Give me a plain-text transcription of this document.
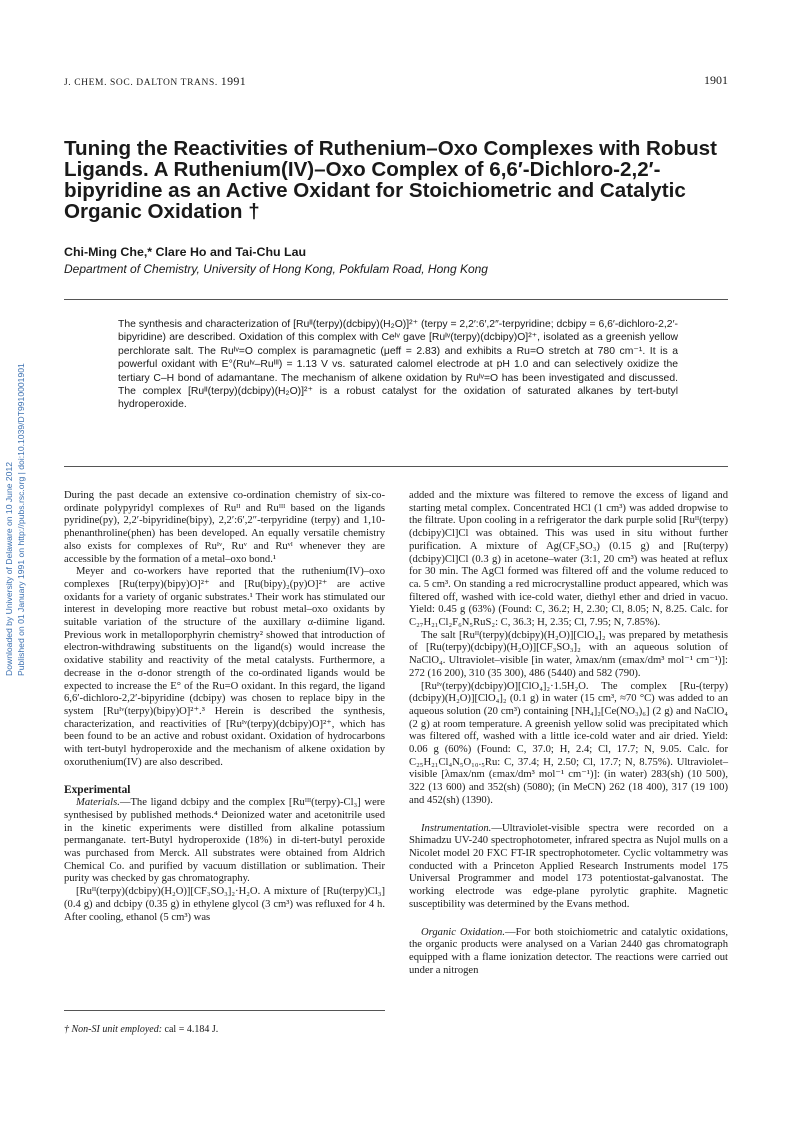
J. CHEM. SOC. DALTON TRANS. 1991	1901
Downloaded by University of Delaware on 10 June 2012 Published on 01 January 1991 on http://pubs.rsc.org | doi:10.1039/DT9910001901
Tuning the Reactivities of Ruthenium–Oxo Complexes with Robust Ligands. A Ruthenium(IV)–Oxo Complex of 6,6′-Dichloro-2,2′-bipyridine as an Active Oxidant for Stoichiometric and Catalytic Organic Oxidation †

Chi-Ming Che,* Clare Ho and Tai-Chu Lau

Department of Chemistry, University of Hong Kong, Pokfulam Road, Hong Kong

The synthesis and characterization of [Ruᴵᴵ(terpy)(dcbipy)(H₂O)]²⁺ (terpy = 2,2′:6′,2″-terpyridine; dcbipy = 6,6′-dichloro-2,2′-bipyridine) are described. Oxidation of this complex with Ceᴵᵛ gave [Ruᴵᵛ(terpy)(dcbipy)O]²⁺, isolated as a greenish yellow perchlorate salt. The Ruᴵᵛ=O complex is paramagnetic (μeff = 2.83) and exhibits a Ru=O stretch at 780 cm⁻¹. It is a powerful oxidant with E°(Ruᴵᵛ–Ruᴵᴵᴵ) = 1.13 V vs. saturated calomel electrode at pH 1.0 and can selectively oxidize the tertiary C–H bond of adamantane. The mechanism of alkene oxidation by Ruᴵᵛ=O has been investigated and discussed. The complex [Ruᴵᴵ(terpy)(dcbipy)(H₂O)]²⁺ is a robust catalyst for the oxidation of saturated alkanes by tert-butyl hydroperoxide.

During the past decade an extensive co-ordination chemistry of six-co-ordinate polypyridyl complexes of Ruᴵᴵ and Ruᴵᴵᴵ based on the ligands pyridine(py), 2,2′-bipyridine(bipy), 2,2′:6′,2″-terpyridine (terpy) and 1,10-phenanthroline(phen) has been developed. An equally versatile chemistry also exists for complexes of Ruᴵᵛ, Ruᵛ and Ruᵛᴵ whenever they are accessible by the formation of a metal–oxo bond.¹

Meyer and co-workers have reported that the ruthenium(IV)–oxo complexes [Ru(terpy)(bipy)O]²⁺ and [Ru(bipy)₂(py)O]²⁺ are active oxidants for a variety of organic substrates.¹ Their work has stimulated our interest in developing more reactive but robust metal–oxo oxidants by suitable variation of the structure of the auxillary α-diimine ligand. Previous work in metalloporphyrin chemistry² showed that introduction of electron-withdrawing substituents on the ligand(s) would increase the oxidative stability and reactivity of the metal catalysts. Furthermore, a decrease in the σ-donor strength of the co-ordinated ligands would be expected to increase the E° of the Ru=O oxidant. In this regard, the ligand 6,6′-dichloro-2,2′-bipyridine (dcbipy) was chosen to replace bipy in the system [Ruᴵᵛ(terpy)(bipy)O]²⁺.³ Herein is described the synthesis, characterization, and reactivities of [Ruᴵᵛ(terpy)(dcbipy)O]²⁺, which has been found to be an active and robust oxidant. Oxidation of hydrocarbons with tert-butyl hydroperoxide and the mechanism of alkene oxidation by oxoruthenium(IV) are also described.

Experimental

Materials.—The ligand dcbipy and the complex [Ruᴵᴵᴵ(terpy)-Cl₃] were synthesised by published methods.⁴ Deionized water and acetonitrile used in the kinetic experiments were distilled from alkaline potassium permanganate. tert-Butyl hydroperoxide (18%) in di-tert-butyl peroxide was purchased from Merck. All substrates were obtained from Aldrich Chemical Co. and purified by vacuum distillation or sublimation. Their purity was checked by gas chromatography.

[Ruᴵᴵ(terpy)(dcbipy)(H₂O)][CF₃SO₃]₂·H₂O. A mixture of [Ru(terpy)Cl₃] (0.4 g) and dcbipy (0.35 g) in ethylene glycol (3 cm³) was refluxed for 4 h. After cooling, ethanol (5 cm³) was

† Non-SI unit employed: cal = 4.184 J.

added and the mixture was filtered to remove the excess of ligand and starting metal complex. Concentrated HCl (1 cm³) was added dropwise to the filtrate. Upon cooling in a refrigerator the dark purple solid [Ruᴵᴵ(terpy)(dcbipy)Cl]Cl was obtained. This was used in situ without further purification. A mixture of Ag(CF₃SO₃) (0.15 g) and [Ru(terpy)(dcbipy)Cl]Cl (0.3 g) in acetone–water (3:1, 20 cm³) was heated at reflux for 30 min. The AgCl formed was filtered off and the volume reduced to ca. 5 cm³. On standing a red microcrystalline product appeared, which was filtered off, washed with ice-cold water, diethyl ether and dried in vacuo. Yield: 0.45 g (63%) (Found: C, 36.2; H, 2.30; Cl, 8.05; N, 8.25. Calc. for C₂₇H₂₁Cl₂F₆N₅RuS₂: C, 36.3; H, 2.35; Cl, 7.95; N, 7.85%).

The salt [Ruᴵᴵ(terpy)(dcbipy)(H₂O)][ClO₄]₂ was prepared by metathesis of [Ru(terpy)(dcbipy)(H₂O)][CF₃SO₃]₂ with an aqueous solution of NaClO₄. Ultraviolet–visible [in water, λmax/nm (εmax/dm³ mol⁻¹ cm⁻¹)]: 272 (16 200), 310 (35 300), 486 (5440) and 582 (790).

[Ruᴵᵛ(terpy)(dcbipy)O][ClO₄]₂·1.5H₂O. The complex [Ru-(terpy)(dcbipy)(H₂O)][ClO₄]₂ (0.1 g) in water (15 cm³, ≈70 °C) was added to an aqueous solution (20 cm³) containing [NH₄]₂[Ce(NO₃)₆] (2 g) and NaClO₄ (2 g) at room temperature. A greenish yellow solid was precipitated which was filtered off, washed with a little ice-cold water and air dried. Yield: 0.06 g (60%) (Found: C, 37.0; H, 2.4; Cl, 17.7; N, 9.05. Calc. for C₂₅H₂₁Cl₄N₅O₁₀.₅Ru: C, 37.4; H, 2.50; Cl, 17.7; N, 8.75%). Ultraviolet–visible [λmax/nm (εmax/dm³ mol⁻¹ cm⁻¹)]: (in water) 283(sh) (10 500), 322 (13 600) and 352(sh) (5080); (in MeCN) 262 (18 400), 317 (19 100) and 452(sh) (1390).

Instrumentation.—Ultraviolet-visible spectra were recorded on a Shimadzu UV-240 spectrophotometer, infrared spectra as Nujol mulls on a Nicolet model 20 FXC FT-IR spectrophotometer. Cyclic voltammetry was conducted with a Princeton Applied Research Instruments model 175 Universal Programmer and model 173 potentiostat-galvanostat. The working electrode was edge-plane pyrolytic graphite. Magnetic susceptibility was determined by the Evans method.

Organic Oxidation.—For both stoichiometric and catalytic oxidations, the organic products were analysed on a Varian 2440 gas chromatograph equipped with a flame ionization detector. The reactions were carried out under a nitrogen
